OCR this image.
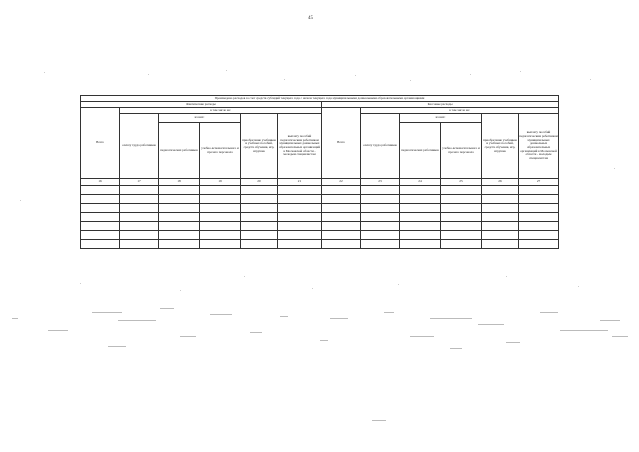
45
Произведено расходов за счет средств субсидий текущего года с начала текущего года муниципальными дошкольными образовательными организациями											
Фактические расходы						Кассовые расходы					
Всего	в том числе на:					Всего	в том числе на:				
	оплату труда работников	из них:		приобретение учебников и учебных пособий, средств обучения, игр, игрушек	выплату пособий педагогическим работникам муниципальных дошкольных образовательных организаций в Московской области - молодым специалистам		оплату труда работников	из них:		приобретение учебников и учебных пособий, средств обучения, игр, игрушек	выплату пособий педагогическим работникам муниципальных дошкольных образовательных организаций в Московской области - молодым специалистам
		педагогических работников	учебно-вспомогательного и прочего персонала					педагогических работников	учебно-вспомогательного и прочего персонала		
16	17	18	19	20	21	22	23	24	25	26	27
